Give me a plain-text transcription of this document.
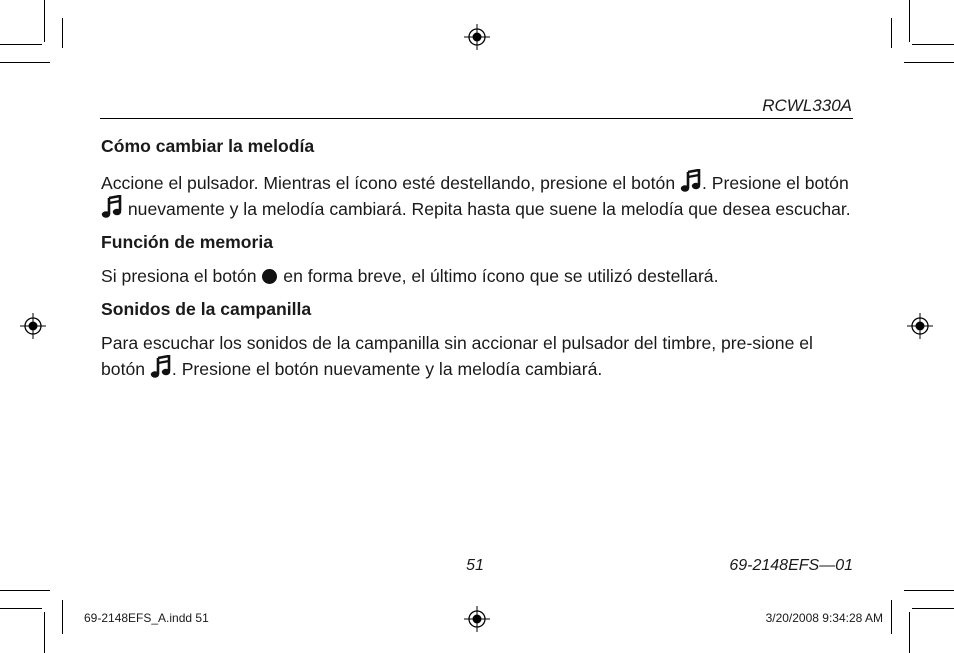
RCWL330A
Cómo cambiar la melodía

Accione el pulsador. Mientras el ícono esté destellando, presione el botón . Presione el botón  nuevamente y la melodía cambiará. Repita hasta que suene la melodía que desea escuchar.

Función de memoria

Si presiona el botón  en forma breve, el último ícono que se utilizó destellará.

Sonidos de la campanilla

Para escuchar los sonidos de la campanilla sin accionar el pulsador del timbre, pre-sione el botón . Presione el botón nuevamente y la melodía cambiará.

51	69-2148EFS—01
69-2148EFS_A.indd 51	3/20/2008 9:34:28 AM
